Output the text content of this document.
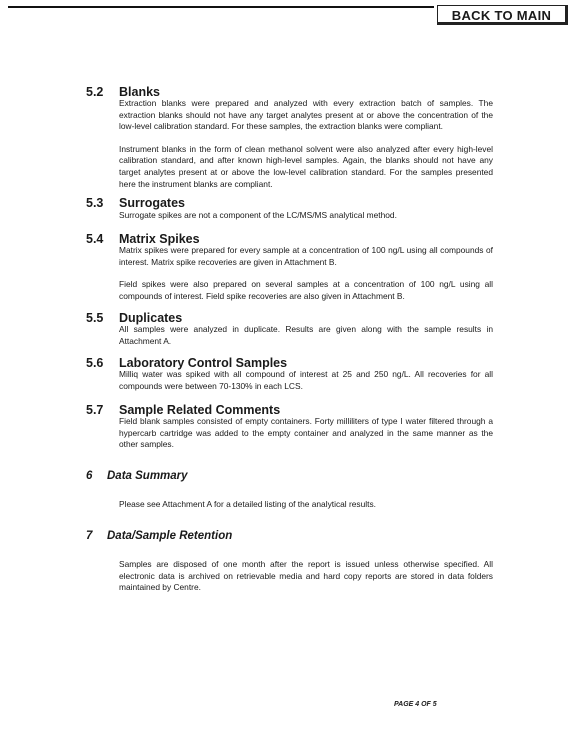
BACK TO MAIN
5.2 Blanks

Extraction blanks were prepared and analyzed with every extraction batch of samples. The extraction blanks should not have any target analytes present at or above the concentration of the low-level calibration standard. For these samples, the extraction blanks were compliant.

Instrument blanks in the form of clean methanol solvent were also analyzed after every high-level calibration standard, and after known high-level samples. Again, the blanks should not have any target analytes present at or above the low-level calibration standard. For the samples presented here the instrument blanks are compliant.

5.3 Surrogates

Surrogate spikes are not a component of the LC/MS/MS analytical method.

5.4 Matrix Spikes

Matrix spikes were prepared for every sample at a concentration of 100 ng/L using all compounds of interest. Matrix spike recoveries are given in Attachment B.

Field spikes were also prepared on several samples at a concentration of 100 ng/L using all compounds of interest. Field spike recoveries are also given in Attachment B.

5.5 Duplicates

All samples were analyzed in duplicate. Results are given along with the sample results in Attachment A.

5.6 Laboratory Control Samples

Milliq water was spiked with all compound of interest at 25 and 250 ng/L. All recoveries for all compounds were between 70-130% in each LCS.

5.7 Sample Related Comments

Field blank samples consisted of empty containers. Forty milliliters of type I water filtered through a hypercarb cartridge was added to the empty container and analyzed in the same manner as the other samples.

6 Data Summary

Please see Attachment A for a detailed listing of the analytical results.

7 Data/Sample Retention

Samples are disposed of one month after the report is issued unless otherwise specified. All electronic data is archived on retrievable media and hard copy reports are stored in data folders maintained by Centre.

PAGE 4 OF 5
